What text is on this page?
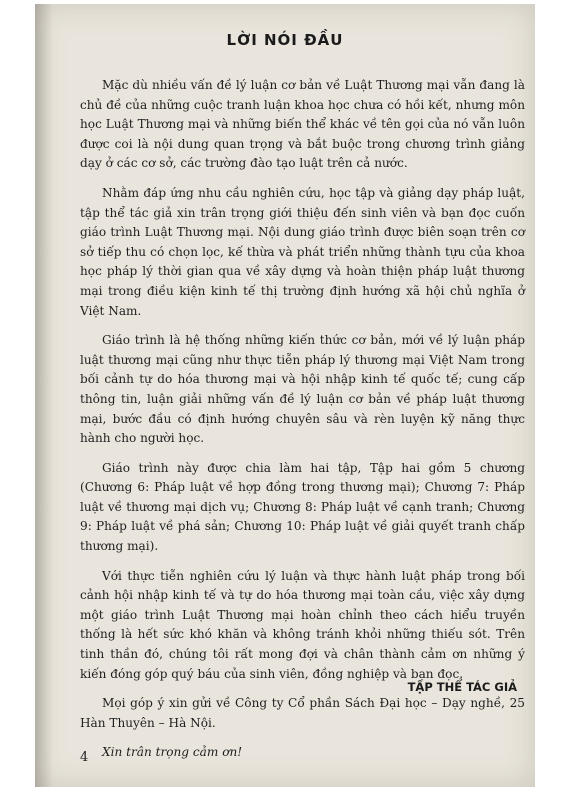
LỜI NÓI ĐẦU

Mặc dù nhiều vấn đề lý luận cơ bản về Luật Thương mại vẫn đang là chủ đề của những cuộc tranh luận khoa học chưa có hồi kết, nhưng môn học Luật Thương mại và những biến thể khác về tên gọi của nó vẫn luôn được coi là nội dung quan trọng và bắt buộc trong chương trình giảng dạy ở các cơ sở, các trường đào tạo luật trên cả nước.

Nhằm đáp ứng nhu cầu nghiên cứu, học tập và giảng dạy pháp luật, tập thể tác giả xin trân trọng giới thiệu đến sinh viên và bạn đọc cuốn giáo trình Luật Thương mại. Nội dung giáo trình được biên soạn trên cơ sở tiếp thu có chọn lọc, kế thừa và phát triển những thành tựu của khoa học pháp lý thời gian qua về xây dựng và hoàn thiện pháp luật thương mại trong điều kiện kinh tế thị trường định hướng xã hội chủ nghĩa ở Việt Nam.

Giáo trình là hệ thống những kiến thức cơ bản, mới về lý luận pháp luật thương mại cũng như thực tiễn pháp lý thương mại Việt Nam trong bối cảnh tự do hóa thương mại và hội nhập kinh tế quốc tế; cung cấp thông tin, luận giải những vấn đề lý luận cơ bản về pháp luật thương mại, bước đầu có định hướng chuyên sâu và rèn luyện kỹ năng thực hành cho người học.

Giáo trình này được chia làm hai tập, Tập hai gồm 5 chương (Chương 6: Pháp luật về hợp đồng trong thương mại); Chương 7: Pháp luật về thương mại dịch vụ; Chương 8: Pháp luật về cạnh tranh; Chương 9: Pháp luật về phá sản; Chương 10: Pháp luật về giải quyết tranh chấp thương mại).

Với thực tiễn nghiên cứu lý luận và thực hành luật pháp trong bối cảnh hội nhập kinh tế và tự do hóa thương mại toàn cầu, việc xây dựng một giáo trình Luật Thương mại hoàn chỉnh theo cách hiểu truyền thống là hết sức khó khăn và không tránh khỏi những thiếu sót. Trên tinh thần đó, chúng tôi rất mong đợi và chân thành cảm ơn những ý kiến đóng góp quý báu của sinh viên, đồng nghiệp và bạn đọc.

Mọi góp ý xin gửi về Công ty Cổ phần Sách Đại học – Dạy nghề, 25 Hàn Thuyên – Hà Nội.

Xin trân trọng cảm ơn!

TẬP THỂ TÁC GIẢ
4
